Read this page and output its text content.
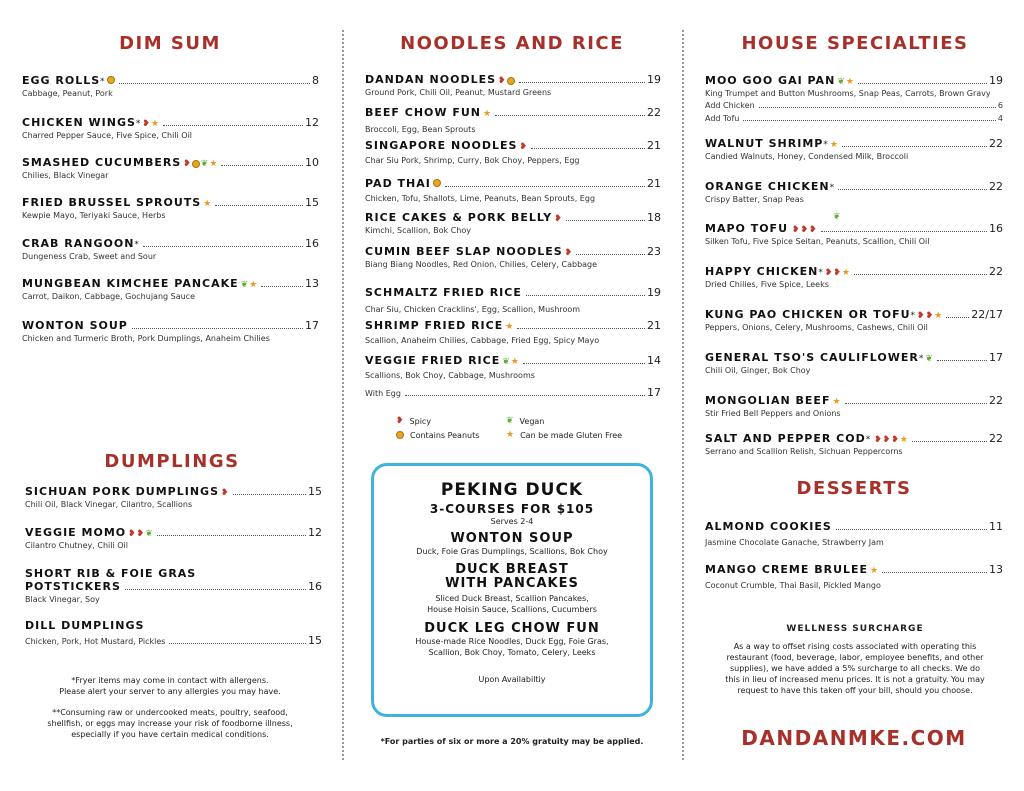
DIM SUM
EGG ROLLS *	8
Cabbage, Peanut, Pork
CHICKEN WINGS * ❥ ★	12
Charred Pepper Sauce, Five Spice, Chili Oil
SMASHED CUCUMBERS ❥ ❦ ★	10
Chilies, Black Vinegar
FRIED BRUSSEL SPROUTS ★	15
Kewpie Mayo, Teriyaki Sauce, Herbs
CRAB RANGOON *	16
Dungeness Crab, Sweet and Sour
MUNGBEAN KIMCHEE PANCAKE ❦ ★	13
Carrot, Daikon, Cabbage, Gochujang Sauce
WONTON SOUP	17
Chicken and Turmeric Broth, Pork Dumplings, Anaheim Chilies
DUMPLINGS
SICHUAN PORK DUMPLINGS ❥	15
Chili Oil, Black Vinegar, Cilantro, Scallions
VEGGIE MOMO ❥ ❥ ❦	12
Cilantro Chutney, Chili Oil
SHORT RIB & FOIE GRAS
POTSTICKERS	16
Black Vinegar, Soy
DILL DUMPLINGS
Chicken, Pork, Hot Mustard, Pickles	15
*Fryer items may come in contact with allergens.
Please alert your server to any allergies you may have.
**Consuming raw or undercooked meats, poultry, seafood,
shellfish, or eggs may increase your risk of foodborne illness,
especially if you have certain medical conditions.
NOODLES AND RICE
DANDAN NOODLES ❥	19
Ground Pork, Chili Oil, Peanut, Mustard Greens
BEEF CHOW FUN ★	22
Broccoli, Egg, Bean Sprouts
SINGAPORE NOODLES ❥	21
Char Siu Pork, Shrimp, Curry, Bok Choy, Peppers, Egg
PAD THAI	21
Chicken, Tofu, Shallots, Lime, Peanuts, Bean Sprouts, Egg
RICE CAKES & PORK BELLY ❥	18
Kimchi, Scallion, Bok Choy
CUMIN BEEF SLAP NOODLES ❥	23
Biang Biang Noodles, Red Onion, Chilies, Celery, Cabbage
SCHMALTZ FRIED RICE	19
Char Siu, Chicken Cracklins', Egg, Scallion, Mushroom
SHRIMP FRIED RICE ★	21
Scallion, Anaheim Chilies, Cabbage, Fried Egg, Spicy Mayo
VEGGIE FRIED RICE ❦ ★	14
Scallions, Bok Choy, Cabbage, Mushrooms
With Egg	17
❥ Spicy
Contains Peanuts
❦ Vegan
★ Can be made Gluten Free
PEKING DUCK
3-COURSES FOR $105
Serves 2-4
WONTON SOUP
Duck, Foie Gras Dumplings, Scallions, Bok Choy
DUCK BREAST
WITH PANCAKES
Sliced Duck Breast, Scallion Pancakes,
House Hoisin Sauce, Scallions, Cucumbers
DUCK LEG CHOW FUN
House-made Rice Noodles, Duck Egg, Foie Gras,
Scallion, Bok Choy, Tomato, Celery, Leeks
Upon Availabiltiy
*For parties of six or more a 20% gratuity may be applied.
HOUSE SPECIALTIES
MOO GOO GAI PAN ❦ ★	19
King Trumpet and Button Mushrooms, Snap Peas, Carrots, Brown Gravy
Add Chicken	6
Add Tofu	4
WALNUT SHRIMP * ★	22
Candied Walnuts, Honey, Condensed Milk, Broccoli
ORANGE CHICKEN *	22
Crispy Batter, Snap Peas
❦
MAPO TOFU ❥ ❥ ❥	16
Silken Tofu, Five Spice Seitan, Peanuts, Scallion, Chili Oil
HAPPY CHICKEN * ❥ ❥ ★	22
Dried Chilies, Five Spice, Leeks
KUNG PAO CHICKEN OR TOFU * ❥ ❥ ★	22/17
Peppers, Onions, Celery, Mushrooms, Cashews, Chili Oil
GENERAL TSO'S CAULIFLOWER * ❦	17
Chili Oil, Ginger, Bok Choy
MONGOLIAN BEEF ★	22
Stir Fried Bell Peppers and Onions
SALT AND PEPPER COD * ❥ ❥ ❥ ★	22
Serrano and Scallion Relish, Sichuan Peppercorns
DESSERTS
ALMOND COOKIES	11
Jasmine Chocolate Ganache, Strawberry Jam
MANGO CREME BRULEE ★	13
Coconut Crumble, Thai Basil, Pickled Mango
WELLNESS SURCHARGE
As a way to offset rising costs associated with operating this
restaurant (food, beverage, labor, employee benefits, and other
supplies), we have added a 5% surcharge to all checks. We do
this in lieu of increased menu prices. It is not a gratuity. You may
request to have this taken off your bill, should you choose.
DANDANMKE.COM
